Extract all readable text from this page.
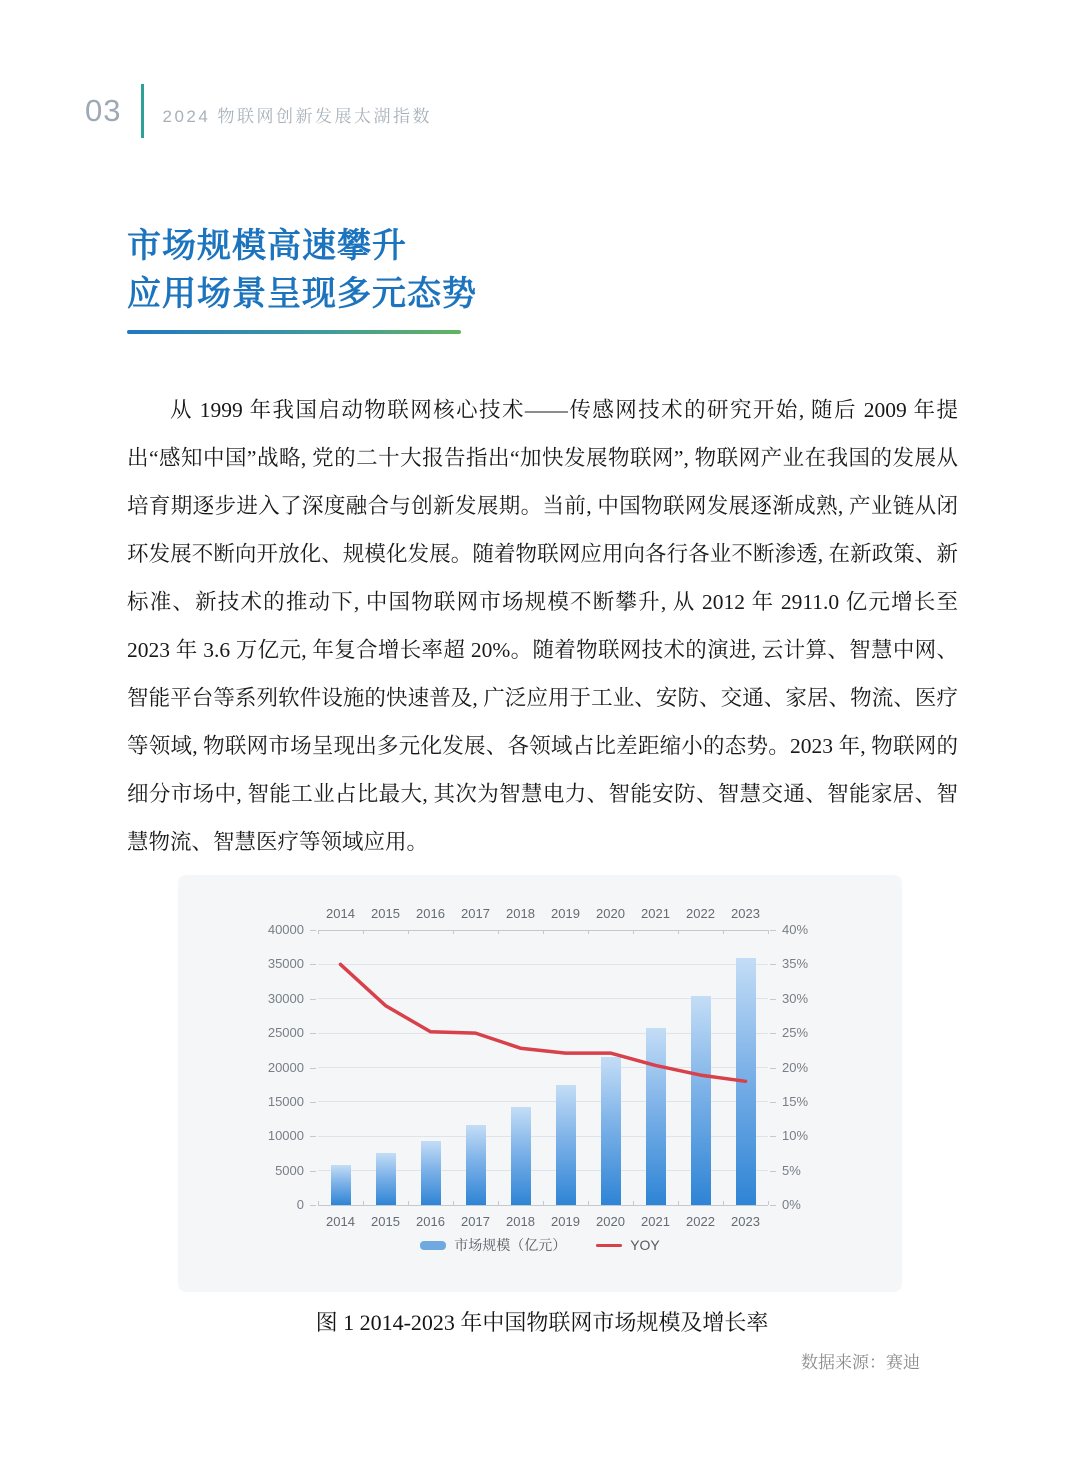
03 2024 物联网创新发展太湖指数
市场规模高速攀升
应用场景呈现多元态势

从 1999 年我国启动物联网核心技术——传感网技术的研究开始, 随后 2009 年提出“感知中国”战略, 党的二十大报告指出“加快发展物联网”, 物联网产业在我国的发展从培育期逐步进入了深度融合与创新发展期。当前, 中国物联网发展逐渐成熟, 产业链从闭环发展不断向开放化、规模化发展。随着物联网应用向各行各业不断渗透, 在新政策、新标准、新技术的推动下, 中国物联网市场规模不断攀升, 从 2012 年 2911.0 亿元增长至 2023 年 3.6 万亿元, 年复合增长率超 20%。随着物联网技术的演进, 云计算、智慧中网、智能平台等系列软件设施的快速普及, 广泛应用于工业、安防、交通、家居、物流、医疗等领域, 物联网市场呈现出多元化发展、各领域占比差距缩小的态势。2023 年, 物联网的细分市场中, 智能工业占比最大, 其次为智慧电力、智能安防、智慧交通、智能家居、智慧物流、智慧医疗等领域应用。

0	0%
5000	5%
10000	10%
15000	15%
20000	20%
25000	25%
30000	30%
35000	35%
40000	40%
2014
2014
2015
2015
2016
2016
2017
2017
2018
2018
2019
2019
2020
2020
2021
2021
2022
2022
2023
2023
市场规模（亿元）	YOY
图 1 2014-2023 年中国物联网市场规模及增长率
数据来源：赛迪
